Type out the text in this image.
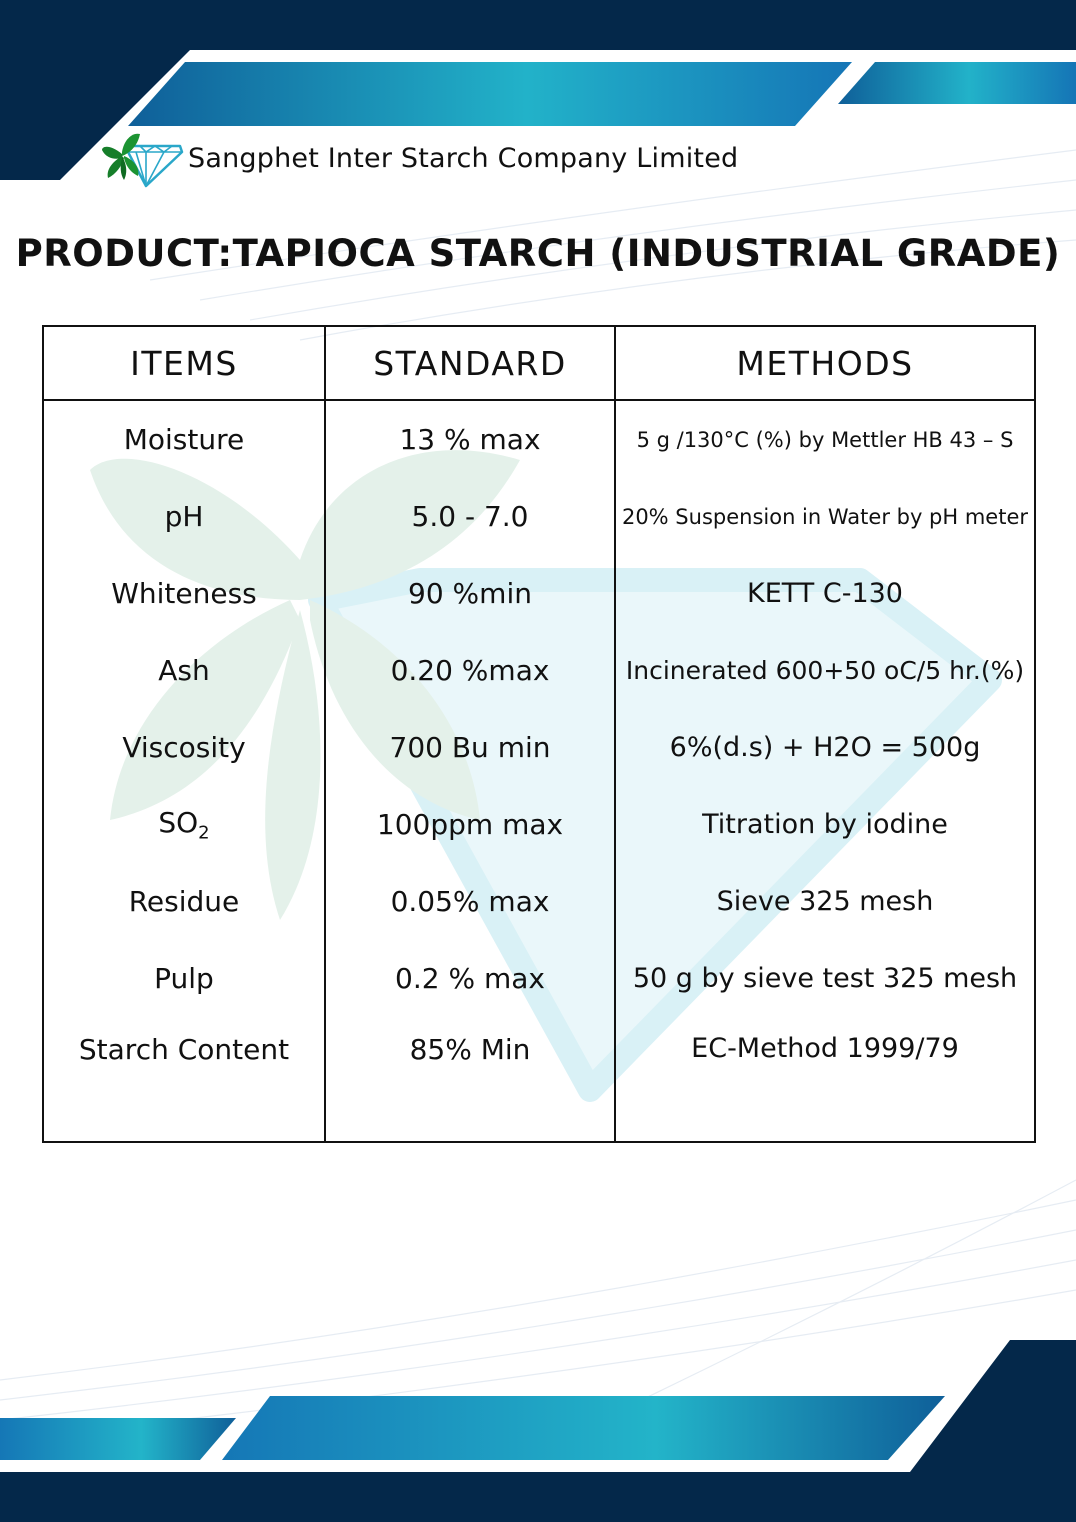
Sangphet Inter Starch Company Limited
PRODUCT:TAPIOCA STARCH (INDUSTRIAL GRADE)
ITEMS	STANDARD	METHODS
Moisture	13 % max	5 g /130°C (%) by Mettler HB 43 – S
pH	5.0 - 7.0	20% Suspension in Water by pH meter
Whiteness	90 %min	KETT C-130
Ash	0.20 %max	Incinerated 600+50 oC/5 hr.(%)
Viscosity	700 Bu min	6%(d.s) + H2O = 500g
$SO_2$	100ppm max	Titration by iodine
Residue	0.05% max	Sieve 325 mesh
Pulp	0.2 % max	50 g by sieve test 325 mesh
Starch Content	85% Min	EC-Method 1999/79
